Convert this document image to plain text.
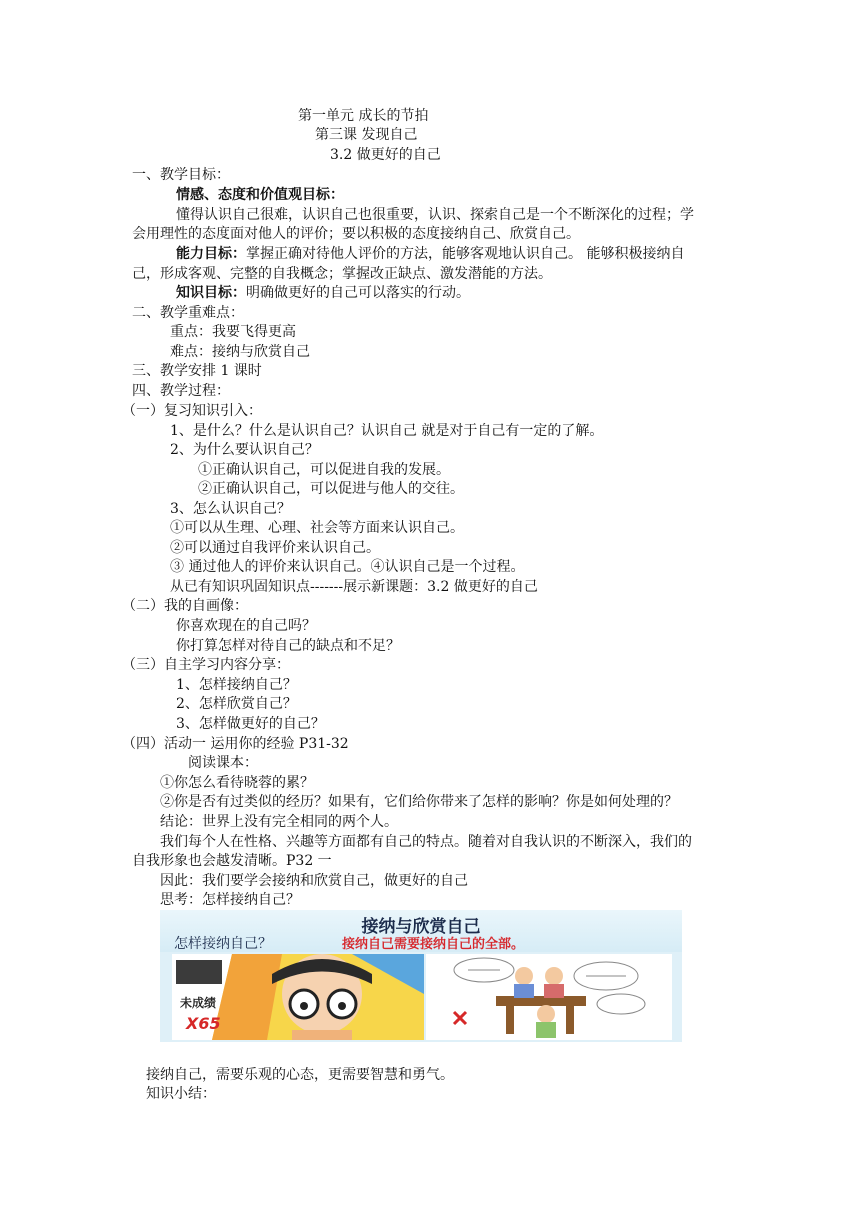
第一单元 成长的节拍
第三课 发现自己
3.2 做更好的自己
一、教学目标：
情感、态度和价值观目标：
懂得认识自己很难，认识自己也很重要，认识、探索自己是一个不断深化的过程；学
会用理性的态度面对他人的评价；要以积极的态度接纳自己、欣赏自己。
能力目标：掌握正确对待他人评价的方法，能够客观地认识自己。 能够积极接纳自
己，形成客观、完整的自我概念；掌握改正缺点、激发潜能的方法。
知识目标：明确做更好的自己可以落实的行动。
二、教学重难点：
重点：我要飞得更高
难点：接纳与欣赏自己
三、教学安排 1 课时
四、教学过程：
（一）复习知识引入：
1、是什么？什么是认识自己？认识自己 就是对于自己有一定的了解。
2、为什么要认识自己？
①正确认识自己，可以促进自我的发展。
②正确认识自己，可以促进与他人的交往。
3、怎么认识自己？
①可以从生理、心理、社会等方面来认识自己。
②可以通过自我评价来认识自己。
③ 通过他人的评价来认识自己。④认识自己是一个过程。
从已有知识巩固知识点-------展示新课题：3.2 做更好的自己
（二）我的自画像：
你喜欢现在的自己吗？
你打算怎样对待自己的缺点和不足？
（三）自主学习内容分享：
1、怎样接纳自己？
2、怎样欣赏自己？
3、怎样做更好的自己？
（四）活动一 运用你的经验 P31-32
阅读课本：
①你怎么看待晓蓉的累？
②你是否有过类似的经历？如果有，它们给你带来了怎样的影响？你是如何处理的？
结论：世界上没有完全相同的两个人。
我们每个人在性格、兴趣等方面都有自己的特点。随着对自我认识的不断深入，我们的
自我形象也会越发清晰。P32 一
因此：我们要学会接纳和欣赏自己，做更好的自己
思考：怎样接纳自己？
接纳与欣赏自己
怎样接纳自己？	接纳自己需要接纳自己的全部。
未成绩
X65
接纳自己，需要乐观的心态，更需要智慧和勇气。
知识小结：
